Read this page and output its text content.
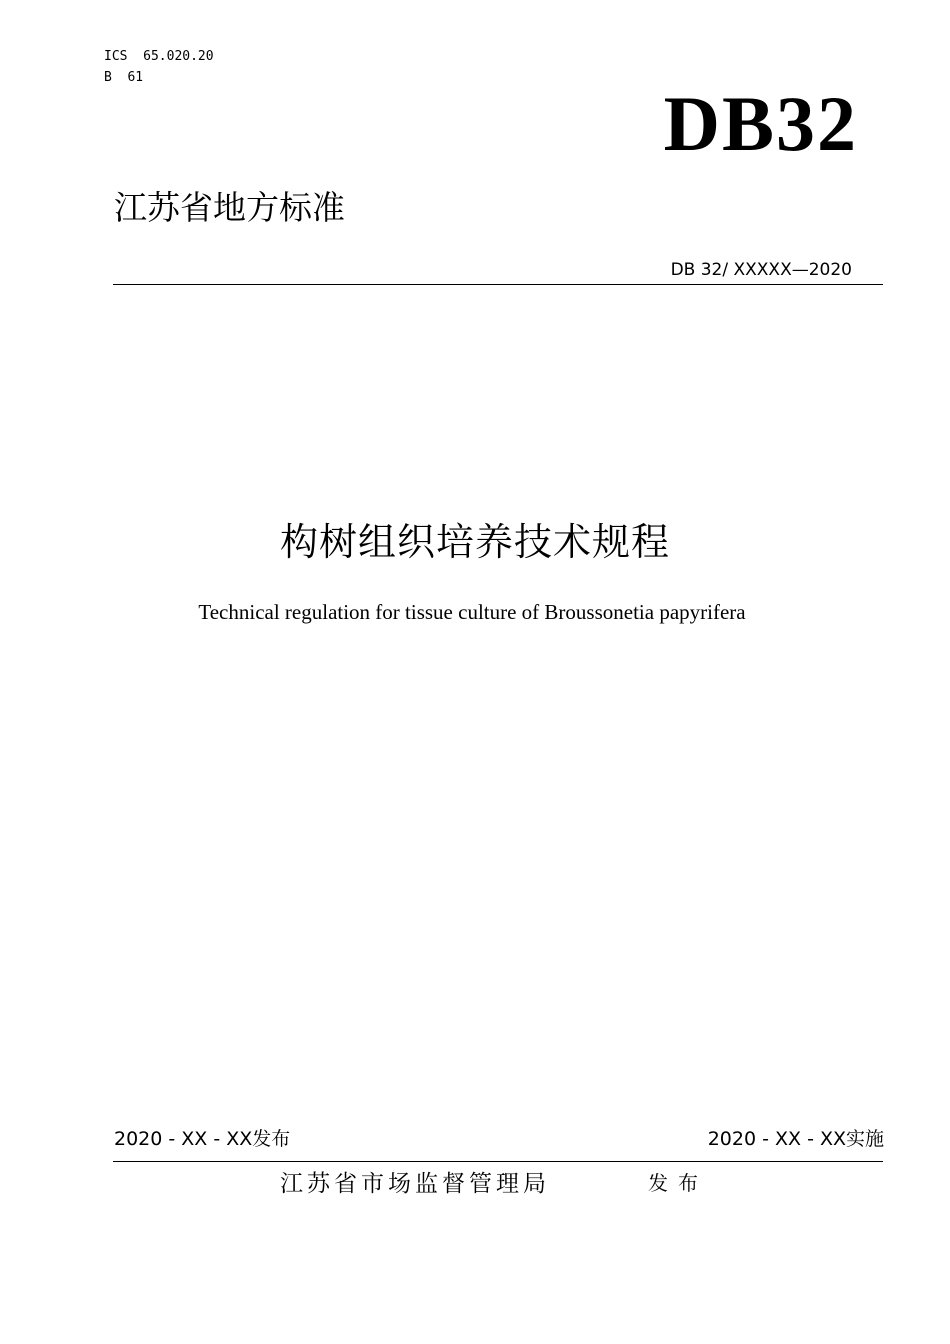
ICS  65.020.20
B  61
DB32
江苏省地方标准
DB 32/ XXXXX—2020
构树组织培养技术规程
Technical regulation for tissue culture of Broussonetia papyrifera
2020 - XX - XX发布	2020 - XX - XX实施
江苏省市场监督管理局	发布
